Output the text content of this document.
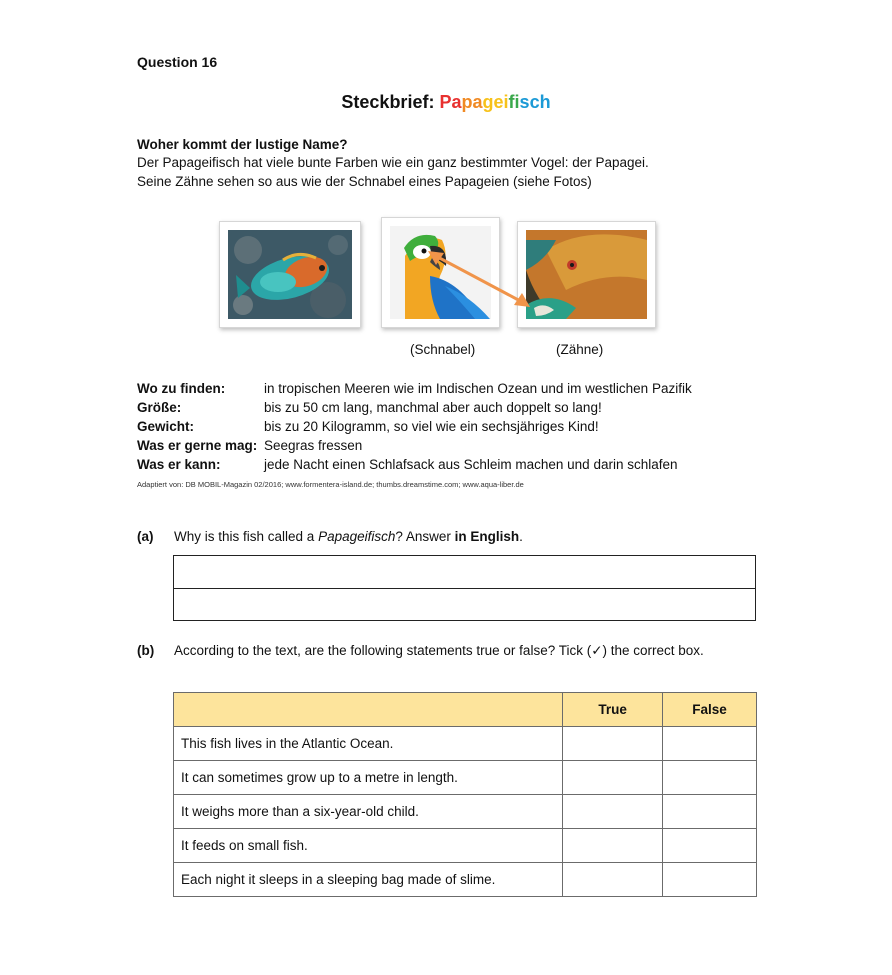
Question 16
Steckbrief: Papageifisch
Woher kommt der lustige Name?
Der Papageifisch hat viele bunte Farben wie ein ganz bestimmter Vogel: der Papagei.
Seine Zähne sehen so aus wie der Schnabel eines Papageien (siehe Fotos)
(Schnabel)	(Zähne)
Wo zu finden:	in tropischen Meeren wie im Indischen Ozean und im westlichen Pazifik
Größe:	bis zu 50 cm lang, manchmal aber auch doppelt so lang!
Gewicht:	bis zu 20 Kilogramm, so viel wie ein sechsjähriges Kind!
Was er gerne mag: Seegras fressen
Was er kann:	jede Nacht einen Schlafsack aus Schleim machen und darin schlafen
Adaptiert von: DB MOBIL-Magazin 02/2016; www.formentera-island.de; thumbs.dreamstime.com; www.aqua-liber.de
(a) Why is this fish called a Papageifisch? Answer in English.
(b) According to the text, are the following statements true or false? Tick (✓) the correct box.
	True	False
This fish lives in the Atlantic Ocean.		
It can sometimes grow up to a metre in length.		
It weighs more than a six-year-old child.		
It feeds on small fish.		
Each night it sleeps in a sleeping bag made of slime.		
